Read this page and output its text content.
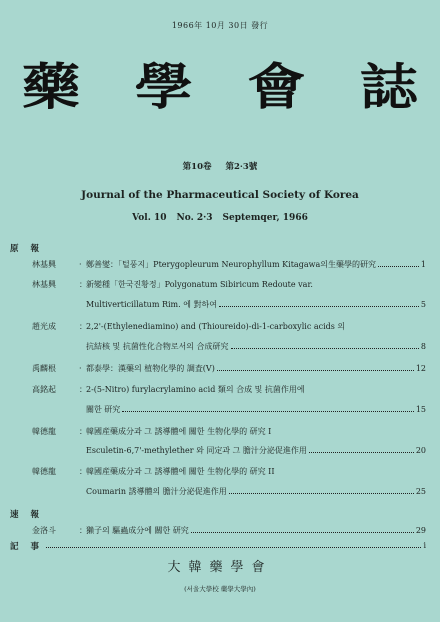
1966年 10月 30日 發行
藥 學 會 誌
第10卷 第2·3號
Journal of the Pharmaceutical Society of Korea
Vol. 10 No. 2·3 Septemqer, 1966
原報
林基興	· 鄭善燮：「털풍지」Pterygopleurum Neurophyllum Kitagawa의生藥學的研究	1
林基興	： 新變種「한국진황정」Polygonatum Sibiricum Redoute var.
Multiverticillatum Rim. 에 對하여	5
趙光成	： 2,2'-(Ethylenediamino) and (Thioureido)-di-1-carboxylic acids 의
抗結核 및 抗菌性化合物로서의 合成研究	8
禹麟根	· 都泰學：漢藥의 植物化學的 調査(V)	12
高銘起	： 2-(5-Nitro) furylacrylamino acid 類의 合成 및 抗菌作用에
關한 研究	15
韓德龍	： 韓國産藥成分과 그 誘導體에 關한 生物化學的 研究 I
Esculetin-6,7'-methylether 와 同定과 그 膽汁分泌促進作用	20
韓德龍	： 韓國産藥成分과 그 誘導體에 關한 生物化學的 研究 II
Coumarin 誘導體의 膽汁分泌促進作用	25
速報
金洛斗	： 獺子의 驅蟲成分에 關한 研究	29
記事	i
大韓藥學會
(서울大學校 藥學大學內)
